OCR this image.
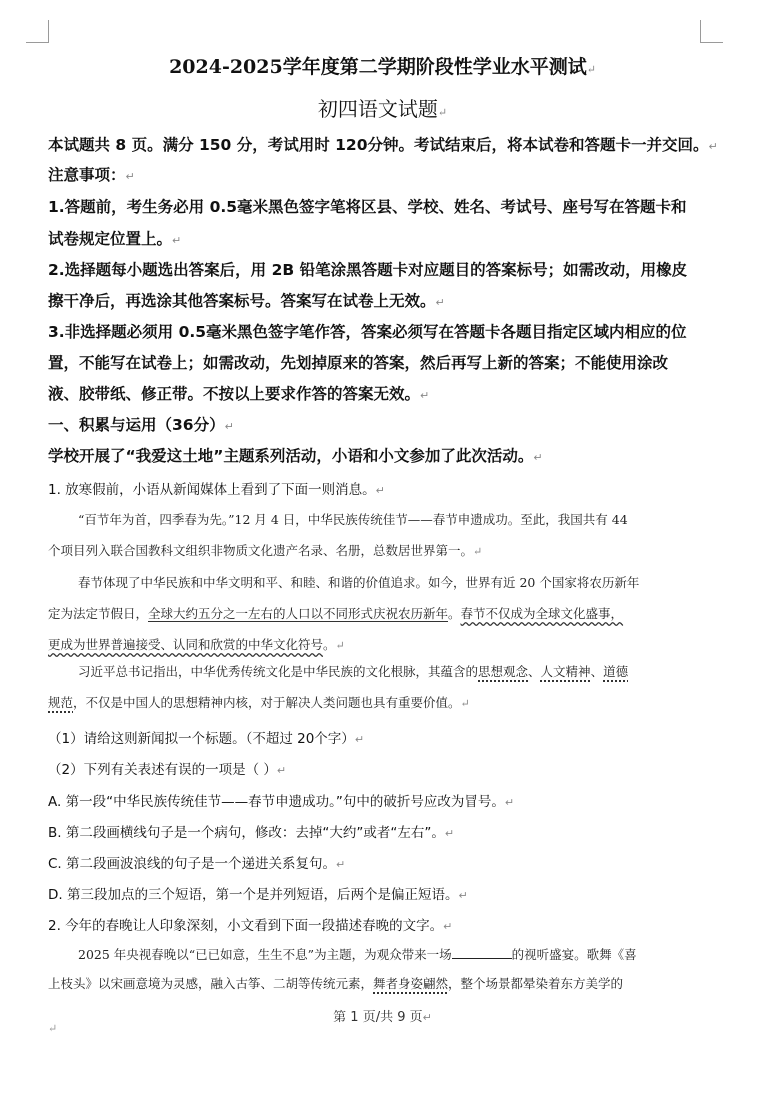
2024-2025学年度第二学期阶段性学业水平测试↵
初四语文试题↵
本试题共 8 页。满分 150 分，考试用时 120分钟。考试结束后，将本试卷和答题卡一并交回。↵
注意事项：↵
1.答题前，考生务必用 0.5毫米黑色签字笔将区县、学校、姓名、考试号、座号写在答题卡和
试卷规定位置上。↵
2.选择题每小题选出答案后，用 2B 铅笔涂黑答题卡对应题目的答案标号；如需改动，用橡皮
擦干净后，再选涂其他答案标号。答案写在试卷上无效。↵
3.非选择题必须用 0.5毫米黑色签字笔作答，答案必须写在答题卡各题目指定区域内相应的位
置，不能写在试卷上；如需改动，先划掉原来的答案，然后再写上新的答案；不能使用涂改
液、胶带纸、修正带。不按以上要求作答的答案无效。↵
一、积累与运用（36分）↵
学校开展了“我爱这土地”主题系列活动，小语和小文参加了此次活动。↵
1. 放寒假前，小语从新闻媒体上看到了下面一则消息。↵
“百节年为首，四季春为先。”12 月 4 日，中华民族传统佳节——春节申遗成功。至此，我国共有 44
个项目列入联合国教科文组织非物质文化遗产名录、名册，总数居世界第一。↵
春节体现了中华民族和中华文明和平、和睦、和谐的价值追求。如今，世界有近 20 个国家将农历新年
定为法定节假日，全球大约五分之一左右的人口以不同形式庆祝农历新年。春节不仅成为全球文化盛事，
更成为世界普遍接受、认同和欣赏的中华文化符号。↵
习近平总书记指出，中华优秀传统文化是中华民族的文化根脉，其蕴含的思想观念、人文精神、道德
规范，不仅是中国人的思想精神内核，对于解决人类问题也具有重要价值。↵
（1）请给这则新闻拟一个标题。（不超过 20个字）↵
（2）下列有关表述有误的一项是（ ）↵
A. 第一段“中华民族传统佳节——春节申遗成功。”句中的破折号应改为冒号。↵
B. 第二段画横线句子是一个病句，修改：去掉“大约”或者“左右”。↵
C. 第二段画波浪线的句子是一个递进关系复句。↵
D. 第三段加点的三个短语，第一个是并列短语，后两个是偏正短语。↵
2. 今年的春晚让人印象深刻，小文看到下面一段描述春晚的文字。↵
2025 年央视春晚以“已已如意，生生不息”为主题，为观众带来一场	的视听盛宴。歌舞《喜
上枝头》以宋画意境为灵感，融入古筝、二胡等传统元素，舞者身姿翩然，整个场景都晕染着东方美学的
第 1 页/共 9 页↵
↵
